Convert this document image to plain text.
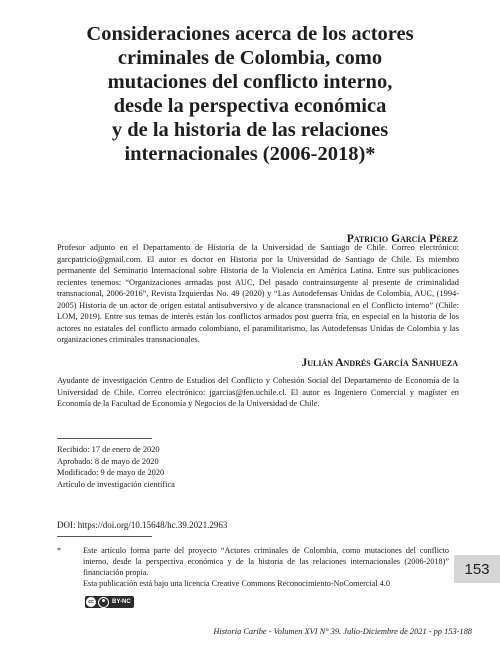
Consideraciones acerca de los actores
criminales de Colombia, como
mutaciones del conflicto interno,
desde la perspectiva económica
y de la historia de las relaciones
internacionales (2006-2018)*
Patricio García Pérez
Profesor adjunto en el Departamento de Historia de la Universidad de Santiago de Chile. Correo electrónico: garcpatricio@gmail.com. El autor es doctor en Historia por la Universidad de Santiago de Chile. Es miembro permanente del Seminario Internacional sobre Historia de la Violencia en América Latina. Entre sus publicaciones recientes tenemos: “Organizaciones armadas post AUC, Del pasado contrainsurgente al presente de criminalidad transnacional, 2006-2016”, Revista Izquierdas No. 49 (2020) y “Las Autodefensas Unidas de Colombia, AUC, (1994-2005) Historia de un actor de origen estatal antisubversivo y de alcance transnacional en el Conflicto interno” (Chile: LOM, 2019). Entre sus temas de interés están los conflictos armados post guerra fría, en especial en la historia de los actores no estatales del conflicto armado colombiano, el paramilitarismo, las Autodefensas Unidas de Colombia y las organizaciones criminales transnacionales.
Julián Andrés García Sanhueza
Ayudante de investigación Centro de Estudios del Conflicto y Cohesión Social del Departamento de Economía de la Universidad de Chile. Correo electrónico: jgarcias@fen.uchile.cl. El autor es Ingeniero Comercial y magíster en Economía de la Facultad de Economía y Negocios de la Universidad de Chile.
Recibido: 17 de enero de 2020
Aprobado: 8 de mayo de 2020
Modificado: 9 de mayo de 2020
Artículo de investigación científica
DOI: https://doi.org/10.15648/hc.39.2021.2963
*	Este artículo forma parte del proyecto “Actores criminales de Colombia, como mutaciones del conflicto interno, desde la perspectiva económica y de la historia de las relaciones internacionales (2006-2018)” financiación propia.
Esta publicación está bajo una licencia Creative Commons Reconocimiento-NoComercial 4.0
cc	BY-NC
153
Historia Caribe - Volumen XVI N° 39. Julio-Diciembre de 2021 - pp 153-188
